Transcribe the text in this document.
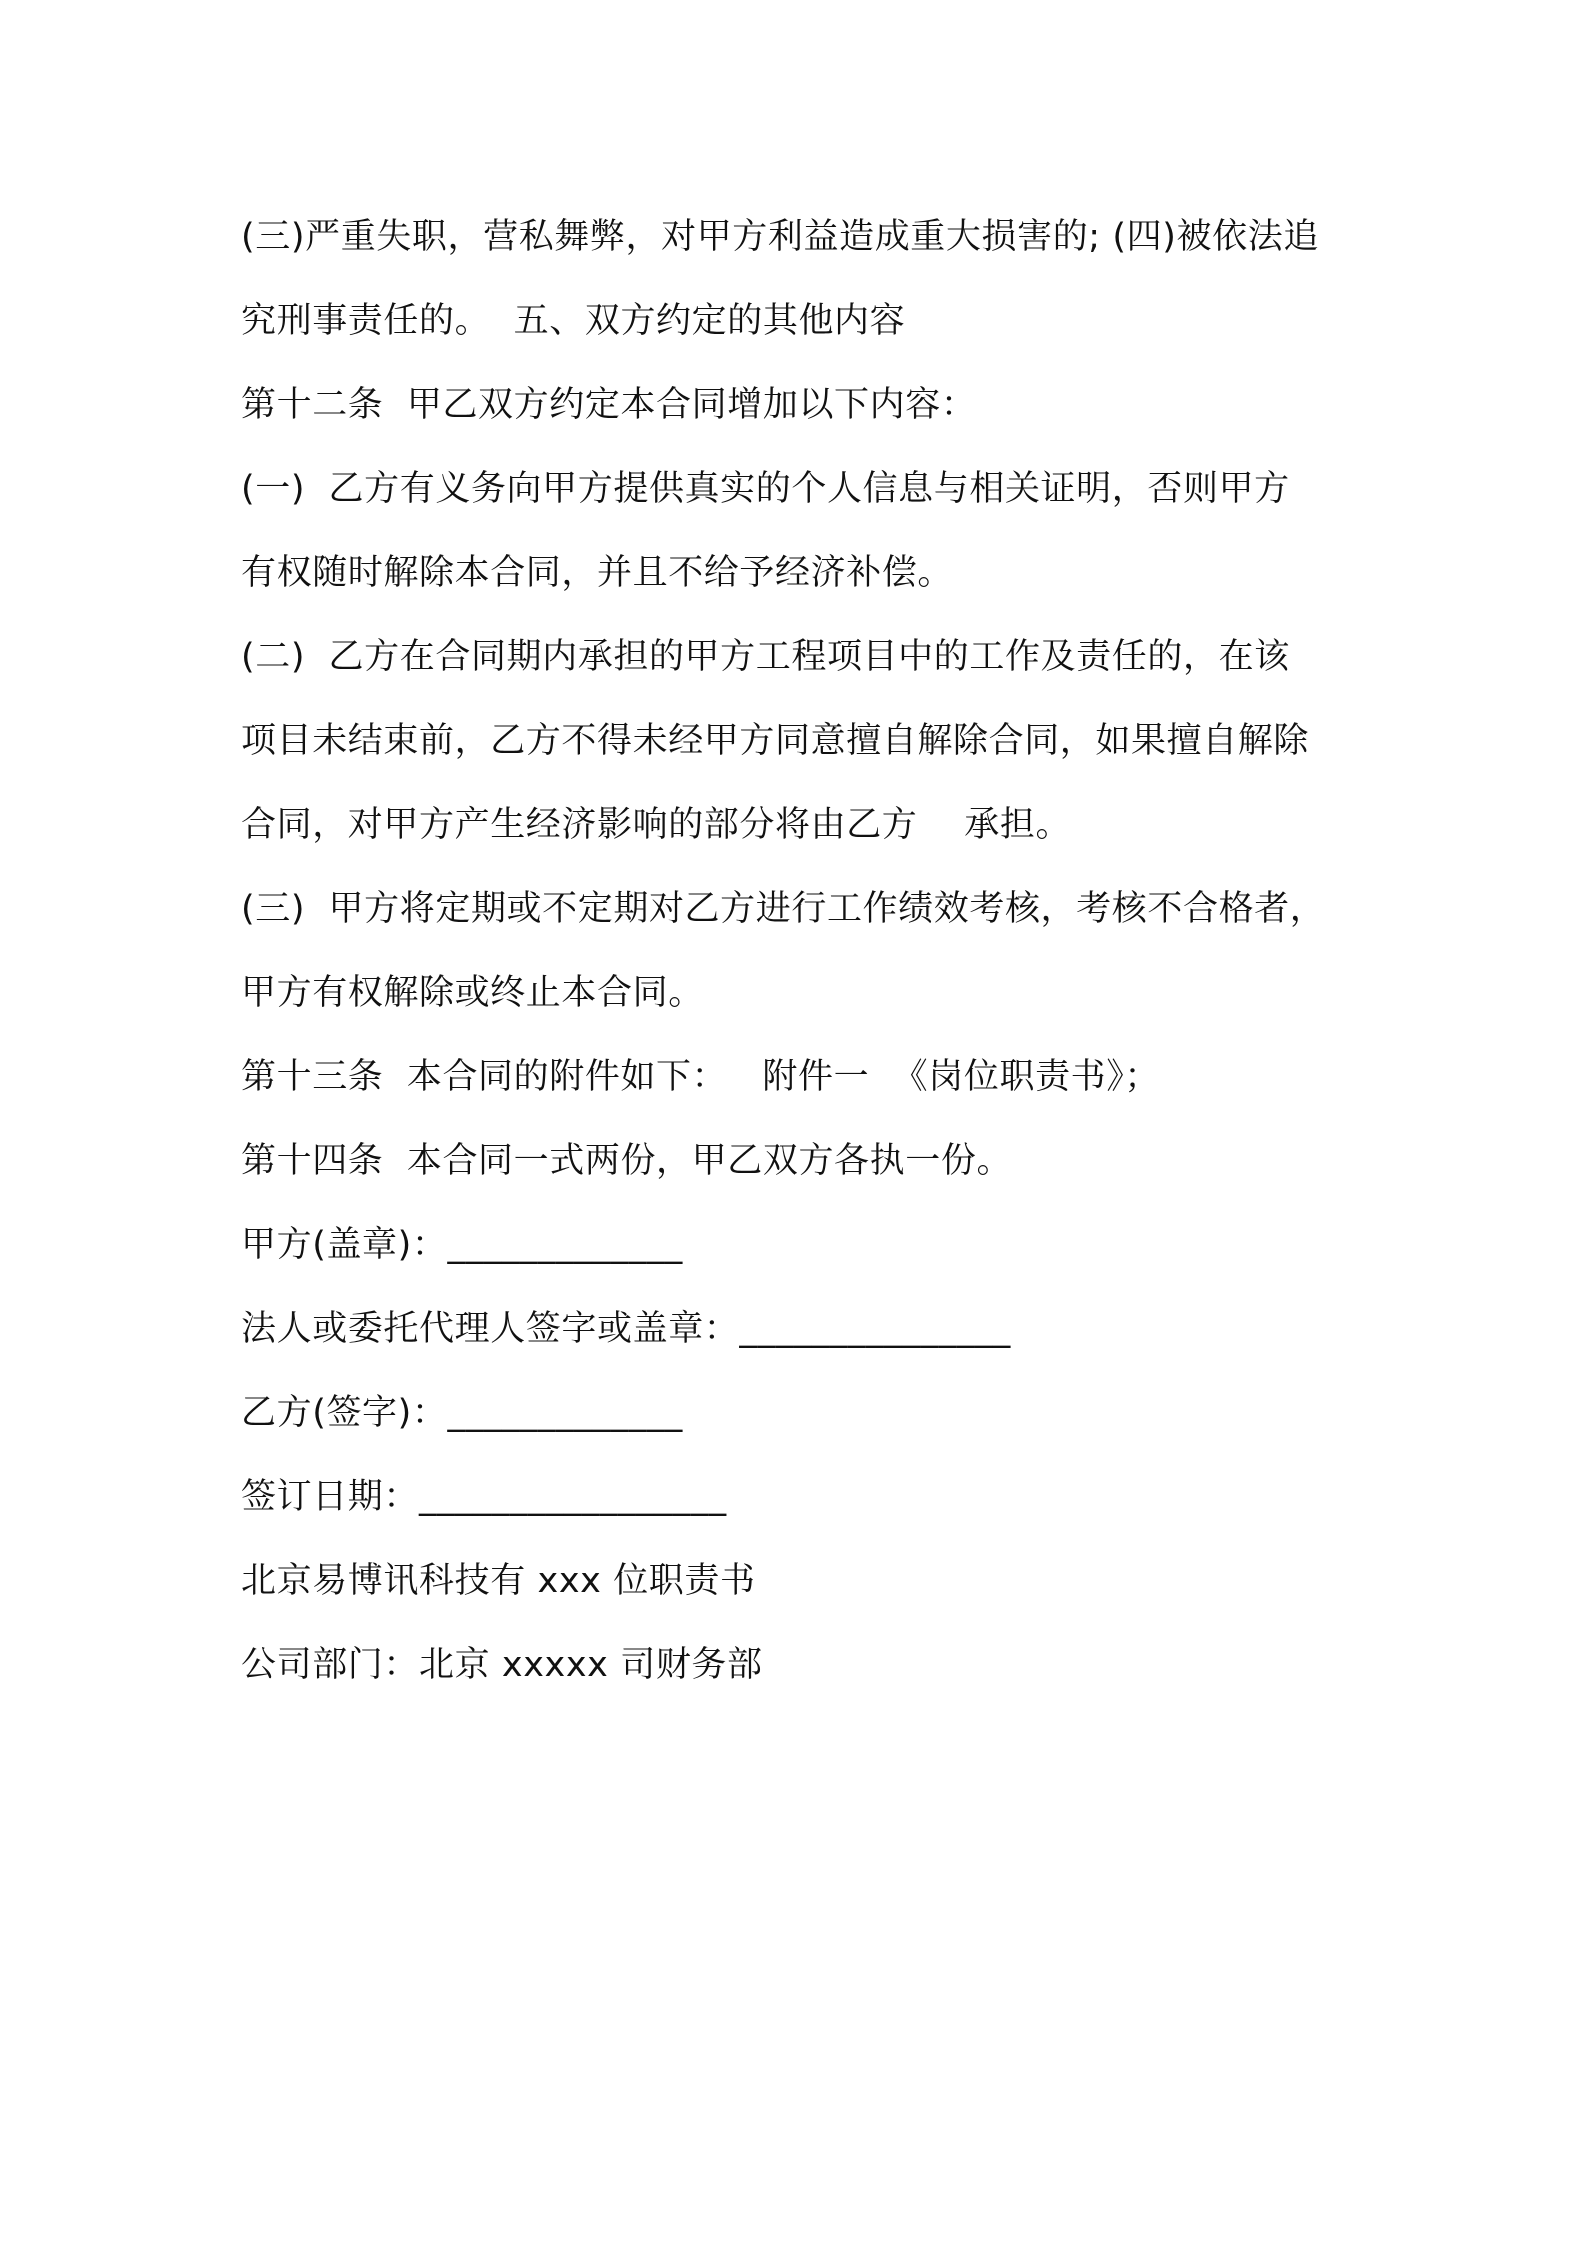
(三)严重失职，营私舞弊，对甲方利益造成重大损害的; (四)被依法追
究刑事责任的。  五、双方约定的其他内容
第十二条  甲乙双方约定本合同增加以下内容：
(一)  乙方有义务向甲方提供真实的个人信息与相关证明，否则甲方
有权随时解除本合同，并且不给予经济补偿。
(二)  乙方在合同期内承担的甲方工程项目中的工作及责任的，在该
项目未结束前，乙方不得未经甲方同意擅自解除合同，如果擅自解除
合同，对甲方产生经济影响的部分将由乙方    承担。
(三)  甲方将定期或不定期对乙方进行工作绩效考核，考核不合格者，
甲方有权解除或终止本合同。
第十三条  本合同的附件如下：   附件一  《岗位职责书》；
第十四条  本合同一式两份，甲乙双方各执一份。
甲方(盖章)：_____________
法人或委托代理人签字或盖章：_______________
乙方(签字)：_____________
签订日期：_________________
北京易博讯科技有 xxx 位职责书
公司部门：北京 xxxxx 司财务部
